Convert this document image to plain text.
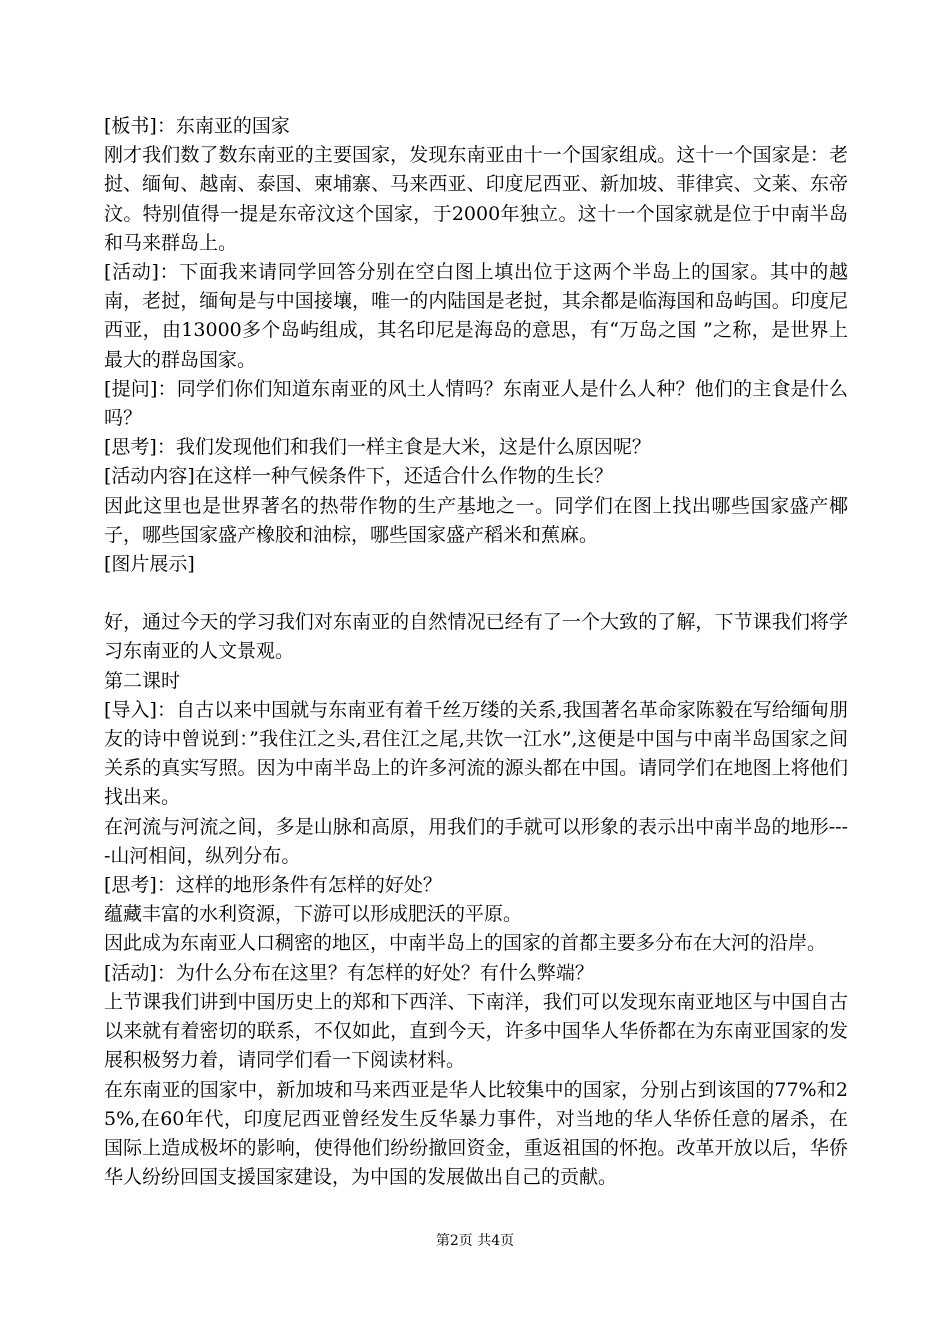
[板书]：东南亚的国家

刚才我们数了数东南亚的主要国家，发现东南亚由十一个国家组成。这十一个国家是：老挝、缅甸、越南、泰国、柬埔寨、马来西亚、印度尼西亚、新加坡、菲律宾、文莱、东帝汶。特别值得一提是东帝汶这个国家，于2000年独立。这十一个国家就是位于中南半岛和马来群岛上。

[活动]：下面我来请同学回答分别在空白图上填出位于这两个半岛上的国家。其中的越南，老挝，缅甸是与中国接壤，唯一的内陆国是老挝，其余都是临海国和岛屿国。印度尼西亚，由13000多个岛屿组成，其名印尼是海岛的意思，有“万岛之国 ”之称，是世界上最大的群岛国家。

[提问]：同学们你们知道东南亚的风土人情吗？东南亚人是什么人种？他们的主食是什么吗？

[思考]：我们发现他们和我们一样主食是大米，这是什么原因呢？

[活动内容]在这样一种气候条件下，还适合什么作物的生长？

因此这里也是世界著名的热带作物的生产基地之一。同学们在图上找出哪些国家盛产椰子，哪些国家盛产橡胶和油棕，哪些国家盛产稻米和蕉麻。

[图片展示]

好，通过今天的学习我们对东南亚的自然情况已经有了一个大致的了解，下节课我们将学习东南亚的人文景观。

第二课时

[导入]：自古以来中国就与东南亚有着千丝万缕的关系,我国著名革命家陈毅在写给缅甸朋友的诗中曾说到：”我住江之头,君住江之尾,共饮一江水”,这便是中国与中南半岛国家之间关系的真实写照。因为中南半岛上的许多河流的源头都在中国。请同学们在地图上将他们找出来。

在河流与河流之间，多是山脉和高原，用我们的手就可以形象的表示出中南半岛的地形----山河相间，纵列分布。

[思考]：这样的地形条件有怎样的好处？

蕴藏丰富的水利资源，下游可以形成肥沃的平原。

因此成为东南亚人口稠密的地区，中南半岛上的国家的首都主要多分布在大河的沿岸。

[活动]：为什么分布在这里？有怎样的好处？有什么弊端？

上节课我们讲到中国历史上的郑和下西洋、下南洋，我们可以发现东南亚地区与中国自古以来就有着密切的联系，不仅如此，直到今天，许多中国华人华侨都在为东南亚国家的发展积极努力着，请同学们看一下阅读材料。

在东南亚的国家中，新加坡和马来西亚是华人比较集中的国家，分别占到该国的77%和25%,在60年代，印度尼西亚曾经发生反华暴力事件，对当地的华人华侨任意的屠杀，在国际上造成极坏的影响，使得他们纷纷撤回资金，重返祖国的怀抱。改革开放以后，华侨华人纷纷回国支援国家建设，为中国的发展做出自己的贡献。

第2页 共4页
